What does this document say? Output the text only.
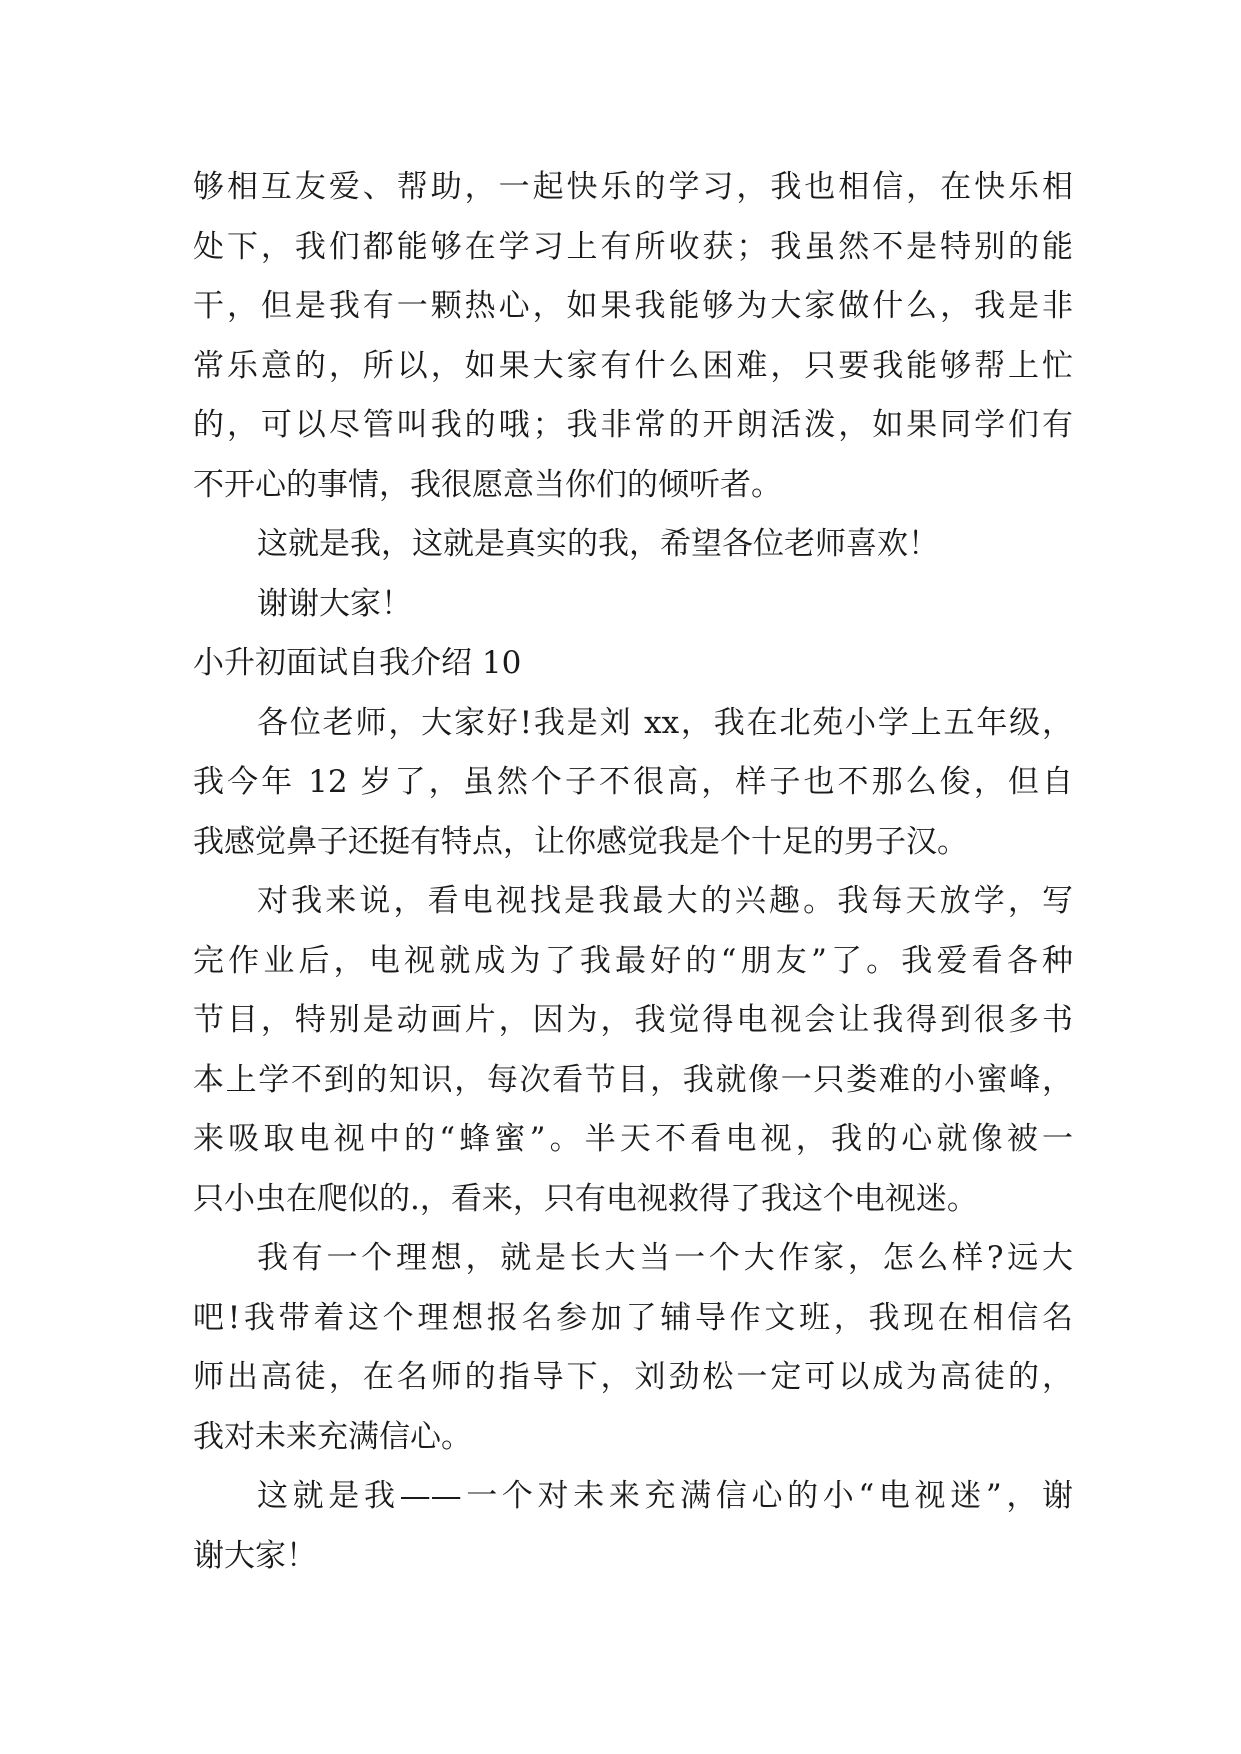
够相互友爱、帮助，一起快乐的学习，我也相信，在快乐相
处下，我们都能够在学习上有所收获；我虽然不是特别的能
干，但是我有一颗热心，如果我能够为大家做什么，我是非
常乐意的，所以，如果大家有什么困难，只要我能够帮上忙
的，可以尽管叫我的哦；我非常的开朗活泼，如果同学们有
不开心的事情，我很愿意当你们的倾听者。
这就是我，这就是真实的我，希望各位老师喜欢！
谢谢大家！
小升初面试自我介绍 10
各位老师，大家好!我是刘 xx，我在北苑小学上五年级，
我今年 12 岁了，虽然个子不很高，样子也不那么俊，但自
我感觉鼻子还挺有特点，让你感觉我是个十足的男子汉。
对我来说，看电视找是我最大的兴趣。我每天放学，写
完作业后，电视就成为了我最好的“朋友”了。我爱看各种
节目，特别是动画片，因为，我觉得电视会让我得到很多书
本上学不到的知识，每次看节目，我就像一只娄难的小蜜峰，
来吸取电视中的“蜂蜜”。半天不看电视，我的心就像被一
只小虫在爬似的.，看来，只有电视救得了我这个电视迷。
我有一个理想，就是长大当一个大作家，怎么样?远大
吧!我带着这个理想报名参加了辅导作文班，我现在相信名
师出高徒，在名师的指导下，刘劲松一定可以成为高徒的，
我对未来充满信心。
这就是我——一个对未来充满信心的小“电视迷”，谢
谢大家！
